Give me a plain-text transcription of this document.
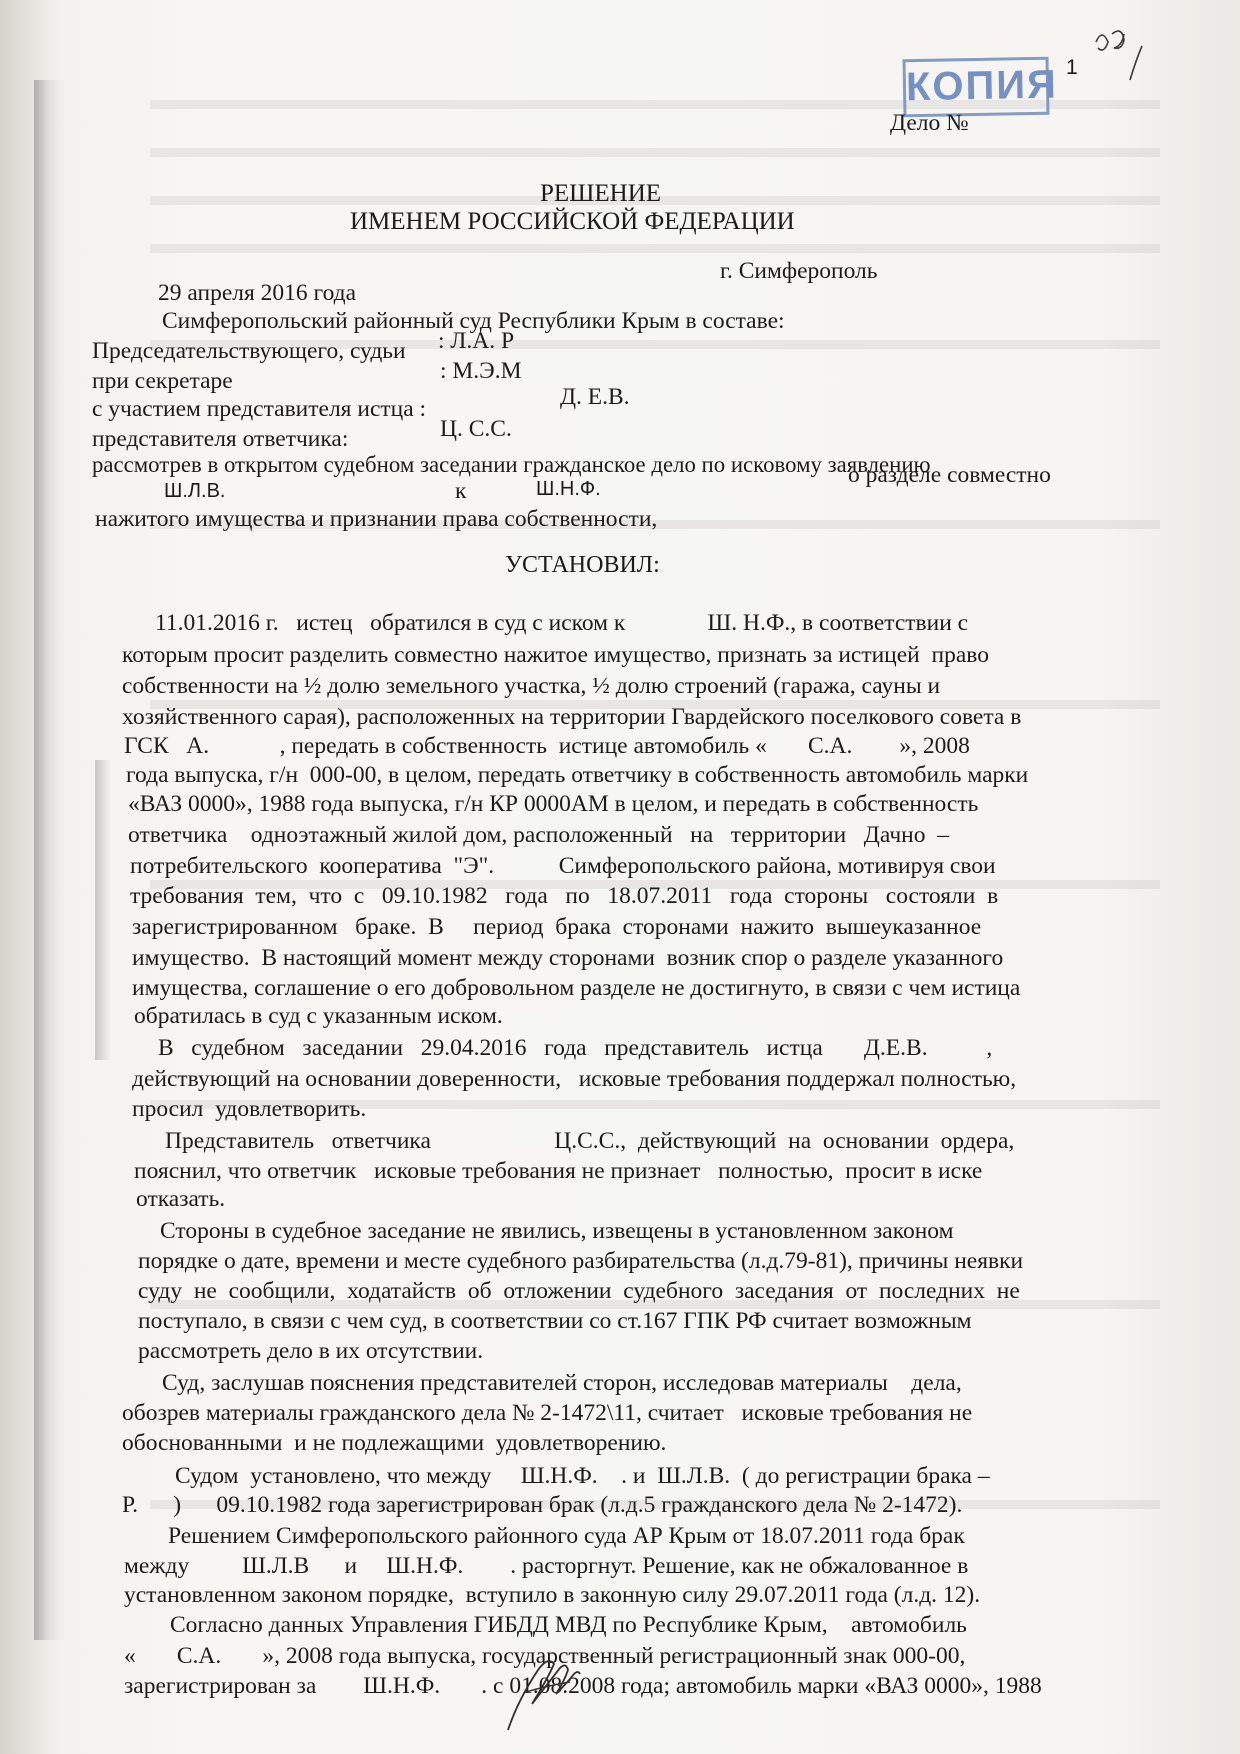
КОПИЯ 1
Дело №
РЕШЕНИЕ
ИМЕНЕМ РОССИЙСКОЙ ФЕДЕРАЦИИ
г. Симферополь
29 апреля 2016 года
Симферопольский районный суд Республики Крым в составе:
Председательствующего, судьи : Л.А. Р
при секретаре	: М.Э.М
с участием представителя истца :	Д. Е.В.
представителя ответчика:	Ц. С.С.
рассмотрев в открытом судебном заседании гражданское дело по исковому заявлению
Ш.Л.В.	к	Ш.Н.Ф.
о разделе совместно
нажитого имущества и признании права собственности,
УСТАНОВИЛ:
11.01.2016 г.   истец   обратился в суд с иском к              Ш. Н.Ф., в соответствии с
которым просит разделить совместно нажитое имущество, признать за истицей  право
собственности на ½ долю земельного участка, ½ долю строений (гаража, сауны и
хозяйственного сарая), расположенных на территории Гвардейского поселкового совета в
ГСК   А.            , передать в собственность  истице автомобиль «       С.А.        », 2008
года выпуска, г/н  000-00, в целом, передать ответчику в собственность автомобиль марки
«ВАЗ 0000», 1988 года выпуска, г/н КР 0000АМ в целом, и передать в собственность
ответчика    одноэтажный жилой дом, расположенный   на   территории   Дачно  –
потребительского  кооператива  "Э".           Симферопольского района, мотивируя свои
требования  тем,  что  с   09.10.1982   года   по   18.07.2011   года  стороны   состояли  в
зарегистрированном   браке.  В     период  брака  сторонами  нажито  вышеуказанное
имущество.  В настоящий момент между сторонами  возник спор о разделе указанного
имущества, соглашение о его добровольном разделе не достигнуто, в связи с чем истица
обратилась в суд с указанным иском.
В   судебном   заседании   29.04.2016   года   представитель   истца       Д.Е.В.          ,
действующий на основании доверенности,   исковые требования поддержал полностью,
просил  удовлетворить.
Представитель   ответчика                     Ц.С.С.,  действующий  на  основании  ордера,
пояснил, что ответчик   исковые требования не признает   полностью,  просит в иске
отказать.
Стороны в судебное заседание не явились, извещены в установленном законом
порядке о дате, времени и месте судебного разбирательства (л.д.79-81), причины неявки
суду  не  сообщили,  ходатайств  об  отложении  судебного  заседания  от  последних  не
поступало, в связи с чем суд, в соответствии со ст.167 ГПК РФ считает возможным
рассмотреть дело в их отсутствии.
Суд, заслушав пояснения представителей сторон, исследовав материалы    дела,
обозрев материалы гражданского дела № 2-1472\11, считает   исковые требования не
обоснованными  и не подлежащими  удовлетворению.
Судом  установлено, что между     Ш.Н.Ф.    . и  Ш.Л.В.  ( до регистрации брака –
Р.      )      09.10.1982 года зарегистрирован брак (л.д.5 гражданского дела № 2-1472).
Решением Симферопольского районного суда АР Крым от 18.07.2011 года брак
между         Ш.Л.В      и     Ш.Н.Ф.        . расторгнут. Решение, как не обжалованное в
установленном законом порядке,  вступило в законную силу 29.07.2011 года (л.д. 12).
Согласно данных Управления ГИБДД МВД по Республике Крым,    автомобиль
«       С.А.       », 2008 года выпуска, государственный регистрационный знак 000-00,
зарегистрирован за        Ш.Н.Ф.       . с 01.08.2008 года; автомобиль марки «ВАЗ 0000», 1988
